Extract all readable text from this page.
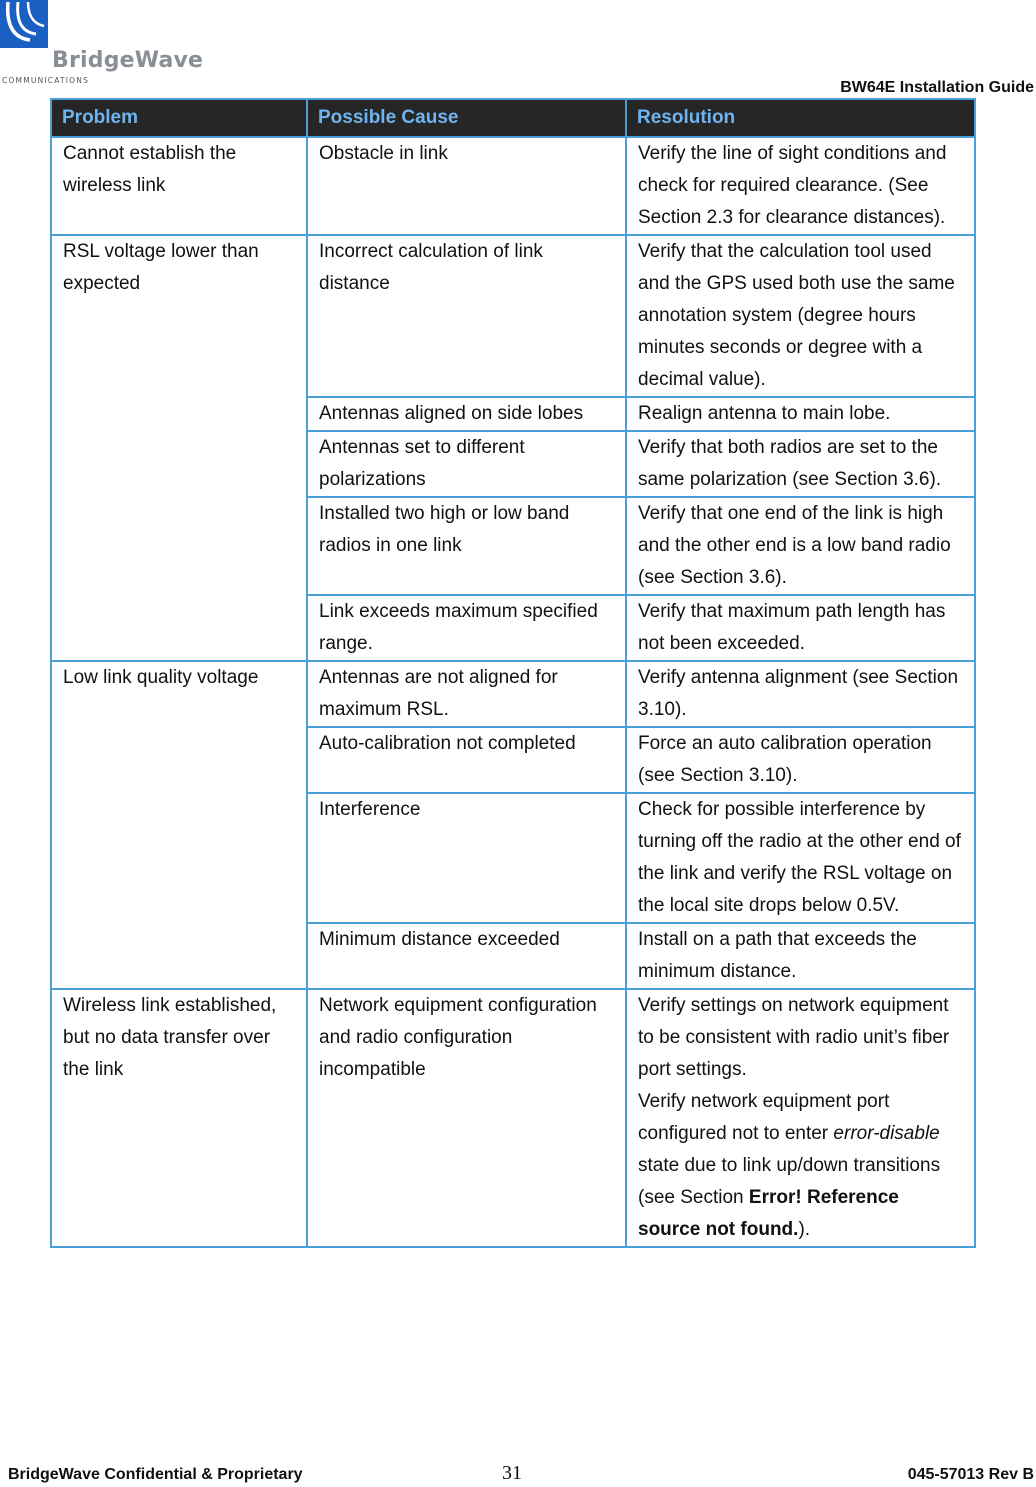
BridgeWave
COMMUNICATIONS	BW64E Installation Guide
Problem	Possible Cause	Resolution
Cannot establish the wireless link	Obstacle in link	Verify the line of sight conditions and check for required clearance. (See Section 2.3 for clearance distances).
RSL voltage lower than expected	Incorrect calculation of link distance	Verify that the calculation tool used and the GPS used both use the same annotation system (degree hours minutes seconds or degree with a decimal value).
	Antennas aligned on side lobes	Realign antenna to main lobe.
	Antennas set to different polarizations	Verify that both radios are set to the same polarization (see Section 3.6).
	Installed two high or low band radios in one link	Verify that one end of the link is high and the other end is a low band radio (see Section 3.6).
	Link exceeds maximum specified range.	Verify that maximum path length has not been exceeded.
Low link quality voltage	Antennas are not aligned for maximum RSL.	Verify antenna alignment (see Section 3.10).
	Auto-calibration not completed	Force an auto calibration operation (see Section 3.10).
	Interference	Check for possible interference by turning off the radio at the other end of the link and verify the RSL voltage on the local site drops below 0.5V.
	Minimum distance exceeded	Install on a path that exceeds the minimum distance.
Wireless link established, but no data transfer over the link	Network equipment configuration and radio configuration incompatible	Verify settings on network equipment to be consistent with radio unit’s fiber port settings.
Verify network equipment port configured not to enter error-disable state due to link up/down transitions (see Section Error! Reference source not found.).
BridgeWave Confidential & Proprietary	31	045-57013 Rev B
